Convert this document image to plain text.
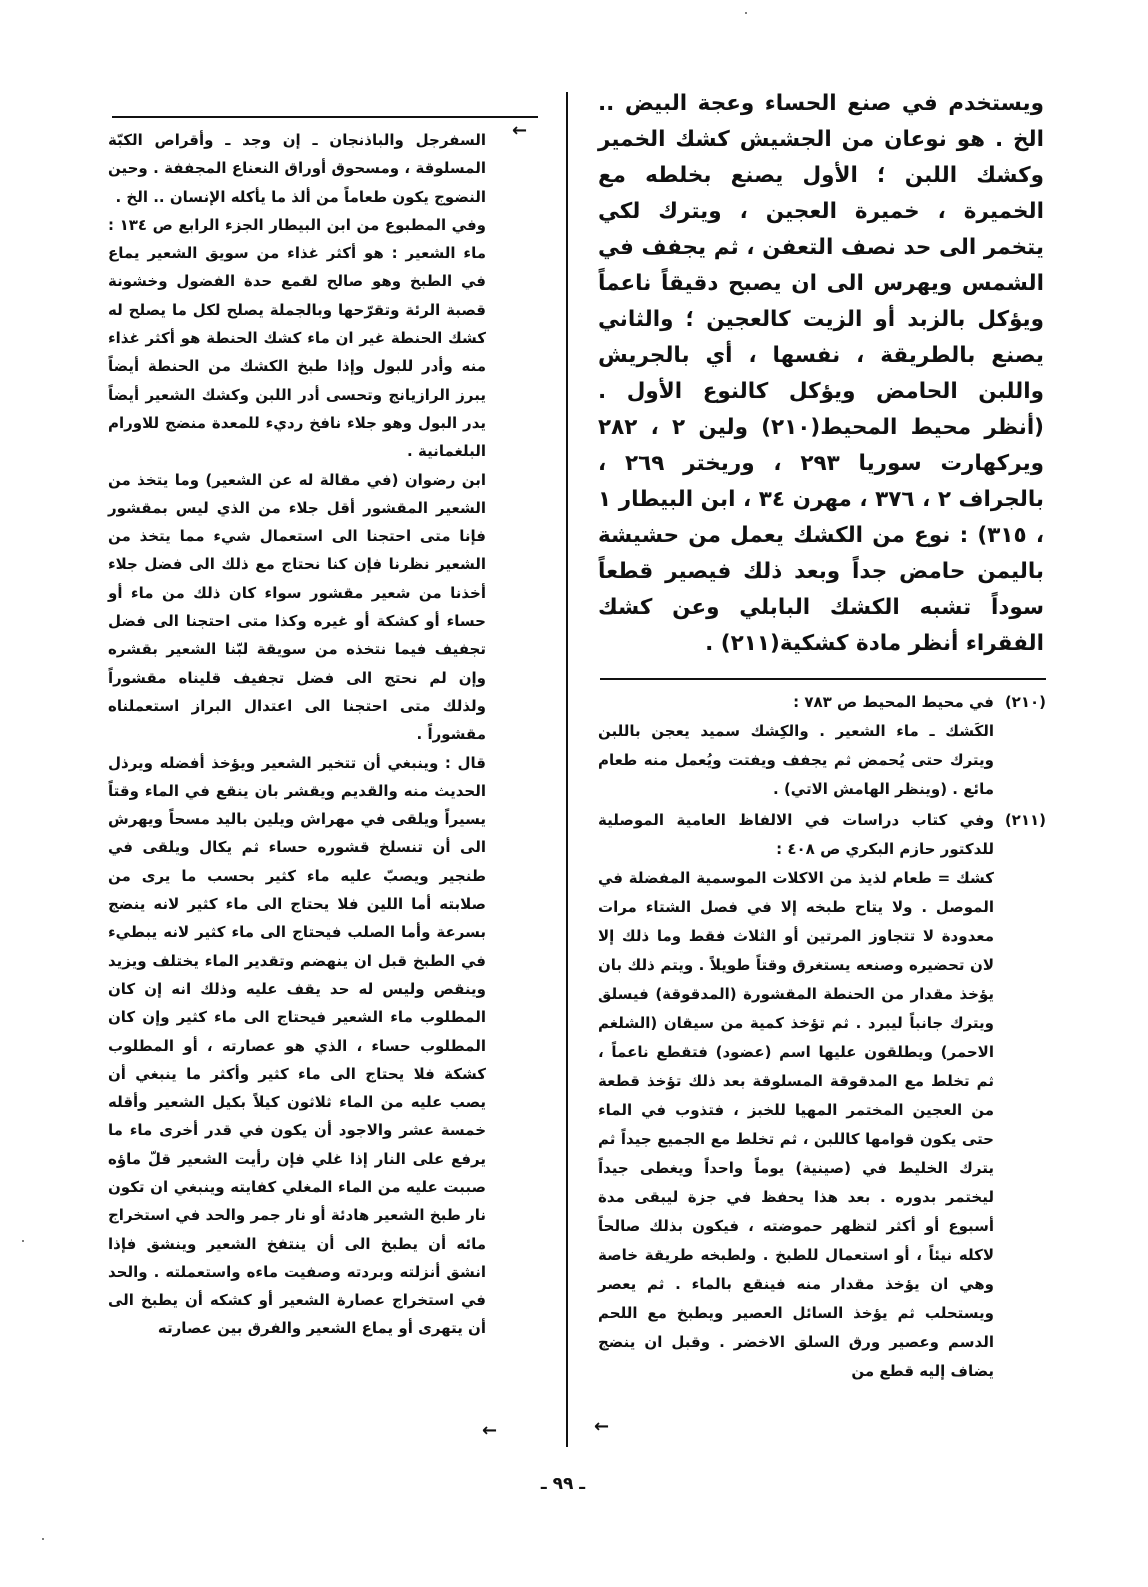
←

ويستخدم في صنع الحساء وعجة البيض .. الخ . هو نوعان من الجشيش كشك الخمير وكشك اللبن ؛ الأول يصنع بخلطه مع الخميرة ، خميرة العجين ، ويترك لكي يتخمر الى حد نصف التعفن ، ثم يجفف في الشمس ويهرس الى ان يصبح دقيقاً ناعماً ويؤكل بالزبد أو الزيت كالعجين ؛ والثاني يصنع بالطريقة ، نفسها ، أي بالجريش واللبن الحامض ويؤكل كالنوع الأول . (أنظر محيط المحيط(٢١٠) ولين ٢ ، ٢٨٢ ويركهارت سوريا ٢٩٣ ، وريختر ٢٦٩ ، بالجراف ٢ ، ٣٧٦ ، مهرن ٣٤ ، ابن البيطار ١ ، ٣١٥) : نوع من الكشك يعمل من حشيشة باليمن حامض جداً وبعد ذلك فيصير قطعاً سوداً تشبه الكشك البابلي وعن كشك الفقراء أنظر مادة كشكية(٢١١) .

(٢١٠)
في محيط المحيط ص ٧٨٣ :
الكَشك ـ ماء الشعير . والكِشك سميد يعجن باللبن ويترك حتى يُحمض ثم يجفف ويفتت ويُعمل منه طعام مائع . (وينظر الهامش الاتي) .
(٢١١)
وفي كتاب دراسات في الالفاظ العامية الموصلية للدكتور حازم البكري ص ٤٠٨ :
كشك = طعام لذيذ من الاكلات الموسمية المفضلة في الموصل . ولا يتاح طبخه إلا في فصل الشتاء مرات معدودة لا تتجاوز المرتين أو الثلاث فقط وما ذلك إلا لان تحضيره وصنعه يستغرق وقتاً طويلاً . ويتم ذلك بان يؤخذ مقدار من الحنطة المقشورة (المدقوقة) فيسلق ويترك جانباً ليبرد . ثم تؤخذ كمية من سيقان (الشلغم الاحمر) ويطلقون عليها اسم (عضود) فتقطع ناعماً ، ثم تخلط مع المدقوقة المسلوقة بعد ذلك تؤخذ قطعة من العجين المختمر المهيا للخبز ، فتذوب في الماء حتى يكون قوامها كاللبن ، ثم تخلط مع الجميع جيداً ثم يترك الخليط في (صينية) يوماً واحداً ويغطى جيداً ليختمر بدوره . بعد هذا يحفظ في جزة ليبقى مدة أسبوع أو أكثر لتظهر حموضته ، فيكون بذلك صالحاً لاكله نيئاً ، أو استعمال للطبخ . ولطبخه طريقة خاصة وهي ان يؤخذ مقدار منه فينقع بالماء . ثم يعصر ويستحلب ثم يؤخذ السائل العصير ويطبخ مع اللحم الدسم وعصير ورق السلق الاخضر . وقبل ان ينضج يضاف إليه قطع من
←

السفرجل والباذنجان ـ إن وجد ـ وأقراص الكبّة المسلوقة ، ومسحوق أوراق النعناع المجففة . وحين النضوج يكون طعاماً من ألذ ما يأكله الإنسان .. الخ .

وفي المطبوع من ابن البيطار الجزء الرابع ص ١٣٤ : ماء الشعير : هو أكثر غذاء من سويق الشعير يماع في الطبخ وهو صالح لقمع حدة الفضول وخشونة قصبة الرئة وتقرّحها وبالجملة يصلح لكل ما يصلح له كشك الحنطة غير ان ماء كشك الحنطة هو أكثر غذاء منه وأدر للبول وإذا طبخ الكشك من الحنطة أيضاً يبرز الرازيانج وتحسى أدر اللبن وكشك الشعير أيضاً يدر البول وهو جلاء نافخ رديء للمعدة منضج للاورام البلغمانية .

ابن رضوان (في مقالة له عن الشعير) وما يتخذ من الشعير المقشور أقل جلاء من الذي ليس بمقشور فإنا متى احتجنا الى استعمال شيء مما يتخذ من الشعير نظرنا فإن كنا نحتاج مع ذلك الى فضل جلاء أخذنا من شعير مقشور سواء كان ذلك من ماء أو حساء أو كشكة أو غيره وكذا متى احتجنا الى فضل تجفيف فيما نتخذه من سويقة لبّنا الشعير بقشره وإن لم نحتج الى فضل تجفيف قليناه مقشوراً ولذلك متى احتجنا الى اعتدال البراز استعملناه مقشوراً .

قال : وينبغي أن تتخير الشعير ويؤخذ أفضله ويرذل الحديث منه والقديم ويقشر بان ينقع في الماء وقتاً يسيراً ويلقى في مهراش ويلين باليد مسحاً ويهرش الى أن تنسلخ قشوره حساء ثم يكال ويلقى في طنجير ويصبّ عليه ماء كثير بحسب ما يرى من صلابته أما اللين فلا يحتاج الى ماء كثير لانه ينضج بسرعة وأما الصلب فيحتاج الى ماء كثير لانه يبطيء في الطبخ قبل ان ينهضم وتقدير الماء يختلف ويزيد وينقص وليس له حد يقف عليه وذلك انه إن كان المطلوب ماء الشعير فيحتاج الى ماء كثير وإن كان المطلوب حساء ، الذي هو عصارته ، أو المطلوب كشكة فلا يحتاج الى ماء كثير وأكثر ما ينبغي أن يصب عليه من الماء ثلاثون كيلاً بكيل الشعير وأقله خمسة عشر والاجود أن يكون في قدر أخرى ماء ما يرفع على النار إذا غلي فإن رأيت الشعير قلّ ماؤه صببت عليه من الماء المغلي كفايته وينبغي ان تكون نار طبخ الشعير هادئة أو نار جمر والحد في استخراج مائه أن يطبخ الى أن ينتفخ الشعير وينشق فإذا انشق أنزلته وبردته وصفيت ماءه واستعملته . والحد في استخراج عصارة الشعير أو كشكه أن يطبخ الى أن يتهرى أو يماع الشعير والفرق بين عصارته

←
ـ ٩٩ ـ
